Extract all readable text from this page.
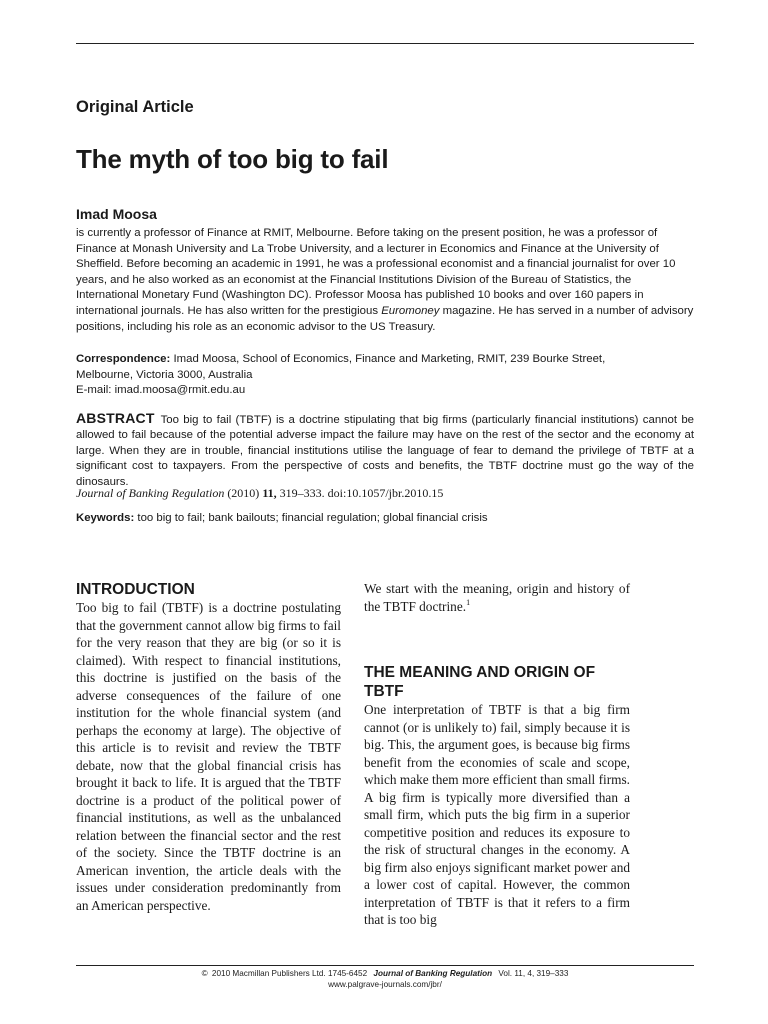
Original Article
The myth of too big to fail
Imad Moosa

is currently a professor of Finance at RMIT, Melbourne. Before taking on the present position, he was a professor of Finance at Monash University and La Trobe University, and a lecturer in Economics and Finance at the University of Sheffield. Before becoming an academic in 1991, he was a professional economist and a financial journalist for over 10 years, and he also worked as an economist at the Financial Institutions Division of the Bureau of Statistics, the International Monetary Fund (Washington DC). Professor Moosa has published 10 books and over 160 papers in international journals. He has also written for the prestigious Euromoney magazine. He has served in a number of advisory positions, including his role as an economic advisor to the US Treasury.

Correspondence: Imad Moosa, School of Economics, Finance and Marketing, RMIT, 239 Bourke Street,
Melbourne, Victoria 3000, Australia
E-mail: imad.moosa@rmit.edu.au

ABSTRACT Too big to fail (TBTF) is a doctrine stipulating that big firms (particularly financial institutions) cannot be allowed to fail because of the potential adverse impact the failure may have on the rest of the sector and the economy at large. When they are in trouble, financial institutions utilise the language of fear to demand the privilege of TBTF at a significant cost to taxpayers. From the perspective of costs and benefits, the TBTF doctrine must go the way of the dinosaurs.

Journal of Banking Regulation (2010) 11, 319–333. doi:10.1057/jbr.2010.15
Keywords: too big to fail; bank bailouts; financial regulation; global financial crisis
INTRODUCTION

Too big to fail (TBTF) is a doctrine postulating that the government cannot allow big firms to fail for the very reason that they are big (or so it is claimed). With respect to financial institutions, this doctrine is justified on the basis of the adverse consequences of the failure of one institution for the whole financial system (and perhaps the economy at large). The objective of this article is to revisit and review the TBTF debate, now that the global financial crisis has brought it back to life. It is argued that the TBTF doctrine is a product of the political power of financial institutions, as well as the unbalanced relation between the financial sector and the rest of the society. Since the TBTF doctrine is an American invention, the article deals with the issues under consideration predominantly from an American perspective.

We start with the meaning, origin and history of the TBTF doctrine.$^1$

THE MEANING AND ORIGIN OF TBTF

One interpretation of TBTF is that a big firm cannot (or is unlikely to) fail, simply because it is big. This, the argument goes, is because big firms benefit from the economies of scale and scope, which make them more efficient than small firms. A big firm is typically more diversified than a small firm, which puts the big firm in a superior competitive position and reduces its exposure to the risk of structural changes in the economy. A big firm also enjoys significant market power and a lower cost of capital. However, the common interpretation of TBTF is that it refers to a firm that is too big

© 2010 Macmillan Publishers Ltd. 1745-6452 Journal of Banking Regulation Vol. 11, 4, 319–333
www.palgrave-journals.com/jbr/
